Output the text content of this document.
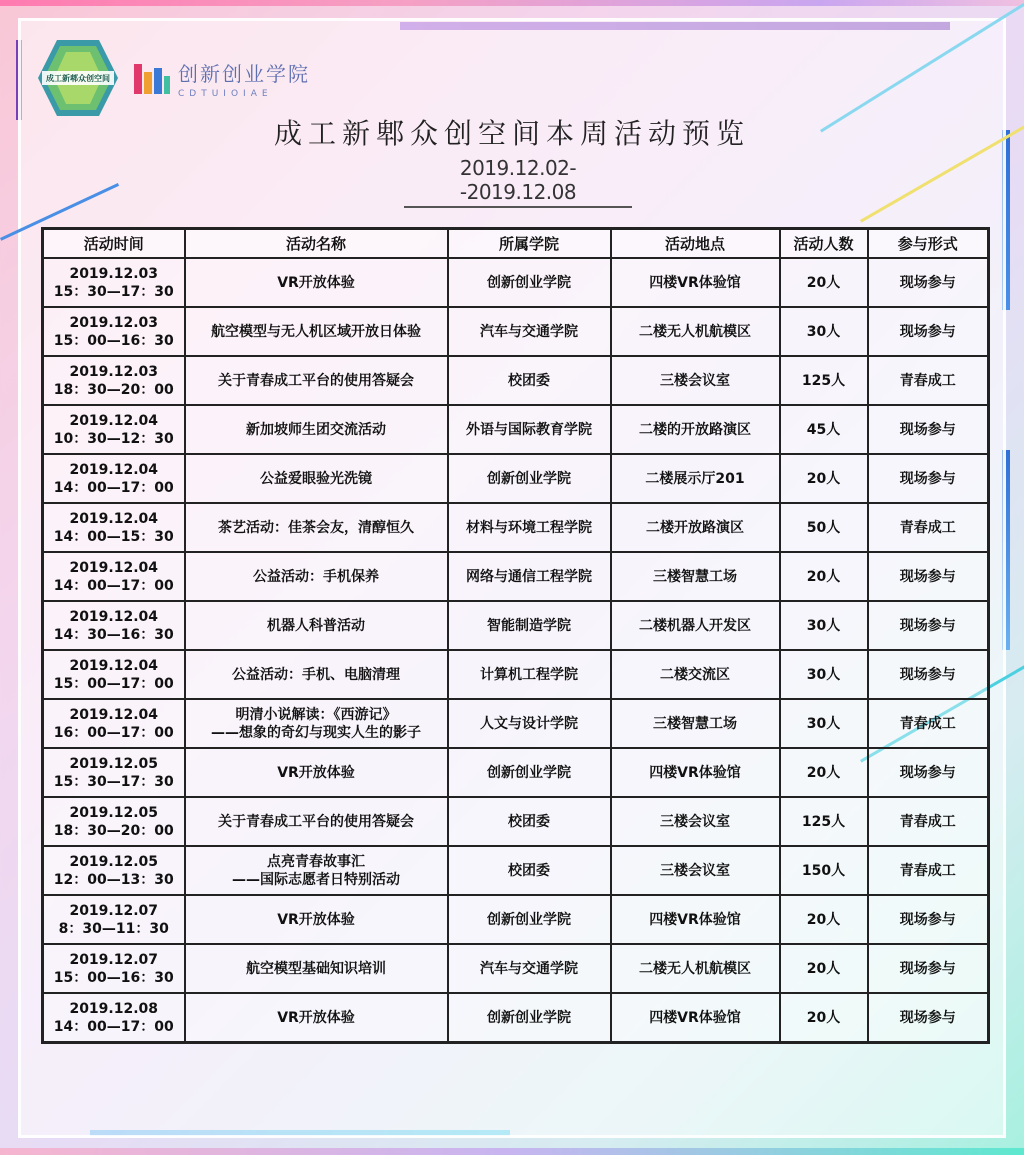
成工新郫众创空间	创新创业学院
CDTUIOIAE
成工新郫众创空间本周活动预览
2019.12.02--2019.12.08
活动时间	活动名称	所属学院	活动地点	活动人数	参与形式

2019.12.03
15：30—17：30	VR开放体验	创新创业学院	四楼VR体验馆	20人	现场参与

2019.12.03
15：00—16：30	航空模型与无人机区域开放日体验	汽车与交通学院	二楼无人机航模区	30人	现场参与

2019.12.03
18：30—20：00	关于青春成工平台的使用答疑会	校团委	三楼会议室	125人	青春成工

2019.12.04
10：30—12：30	新加坡师生团交流活动	外语与国际教育学院	二楼的开放路演区	45人	现场参与

2019.12.04
14：00—17：00	公益爱眼验光洗镜	创新创业学院	二楼展示厅201	20人	现场参与

2019.12.04
14：00—15：30	茶艺活动：佳茶会友，清醇恒久	材料与环境工程学院	二楼开放路演区	50人	青春成工

2019.12.04
14：00—17：00	公益活动：手机保养	网络与通信工程学院	三楼智慧工场	20人	现场参与

2019.12.04
14：30—16：30	机器人科普活动	智能制造学院	二楼机器人开发区	30人	现场参与

2019.12.04
15：00—17：00	公益活动：手机、电脑清理	计算机工程学院	二楼交流区	30人	现场参与

2019.12.04
16：00—17：00	明清小说解读：《西游记》
——想象的奇幻与现实人生的影子	人文与设计学院	三楼智慧工场	30人	青春成工

2019.12.05
15：30—17：30	VR开放体验	创新创业学院	四楼VR体验馆	20人	现场参与

2019.12.05
18：30—20：00	关于青春成工平台的使用答疑会	校团委	三楼会议室	125人	青春成工

2019.12.05
12：00—13：30	点亮青春故事汇
——国际志愿者日特别活动	校团委	三楼会议室	150人	青春成工

2019.12.07
8：30—11：30	VR开放体验	创新创业学院	四楼VR体验馆	20人	现场参与

2019.12.07
15：00—16：30	航空模型基础知识培训	汽车与交通学院	二楼无人机航模区	20人	现场参与

2019.12.08
14：00—17：00	VR开放体验	创新创业学院	四楼VR体验馆	20人	现场参与
